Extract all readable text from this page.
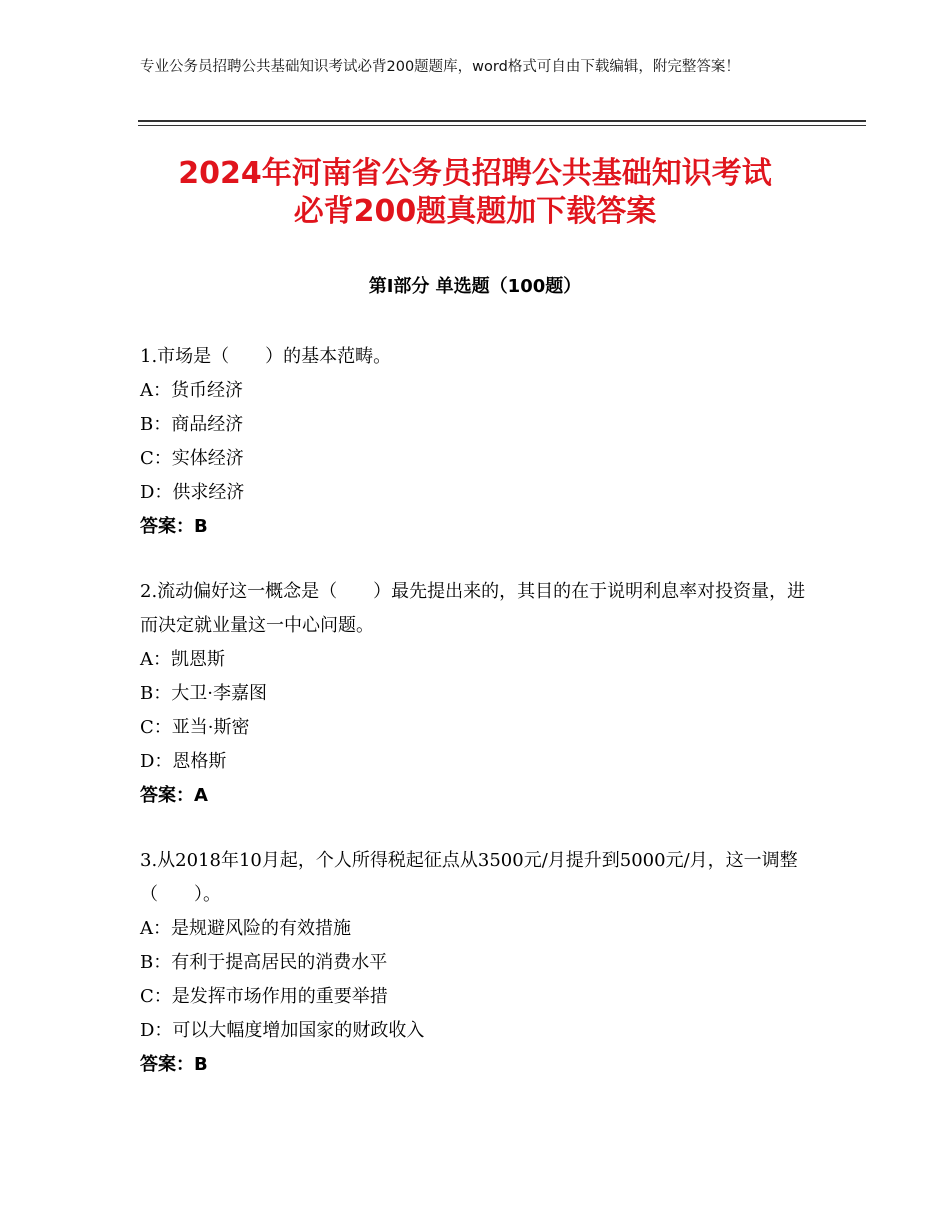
专业公务员招聘公共基础知识考试必背200题题库，word格式可自由下载编辑，附完整答案！
2024年河南省公务员招聘公共基础知识考试
必背200题真题加下载答案
第Ⅰ部分 单选题（100题）
1.市场是（　　）的基本范畴。
A：货币经济
B：商品经济
C：实体经济
D：供求经济
答案：B
2.流动偏好这一概念是（　　）最先提出来的，其目的在于说明利息率对投资量，进而决定就业量这一中心问题。
A：凯恩斯
B：大卫·李嘉图
C：亚当·斯密
D：恩格斯
答案：A
3.从2018年10月起，个人所得税起征点从3500元/月提升到5000元/月，这一调整（　　）。
A：是规避风险的有效措施
B：有利于提高居民的消费水平
C：是发挥市场作用的重要举措
D：可以大幅度增加国家的财政收入
答案：B
